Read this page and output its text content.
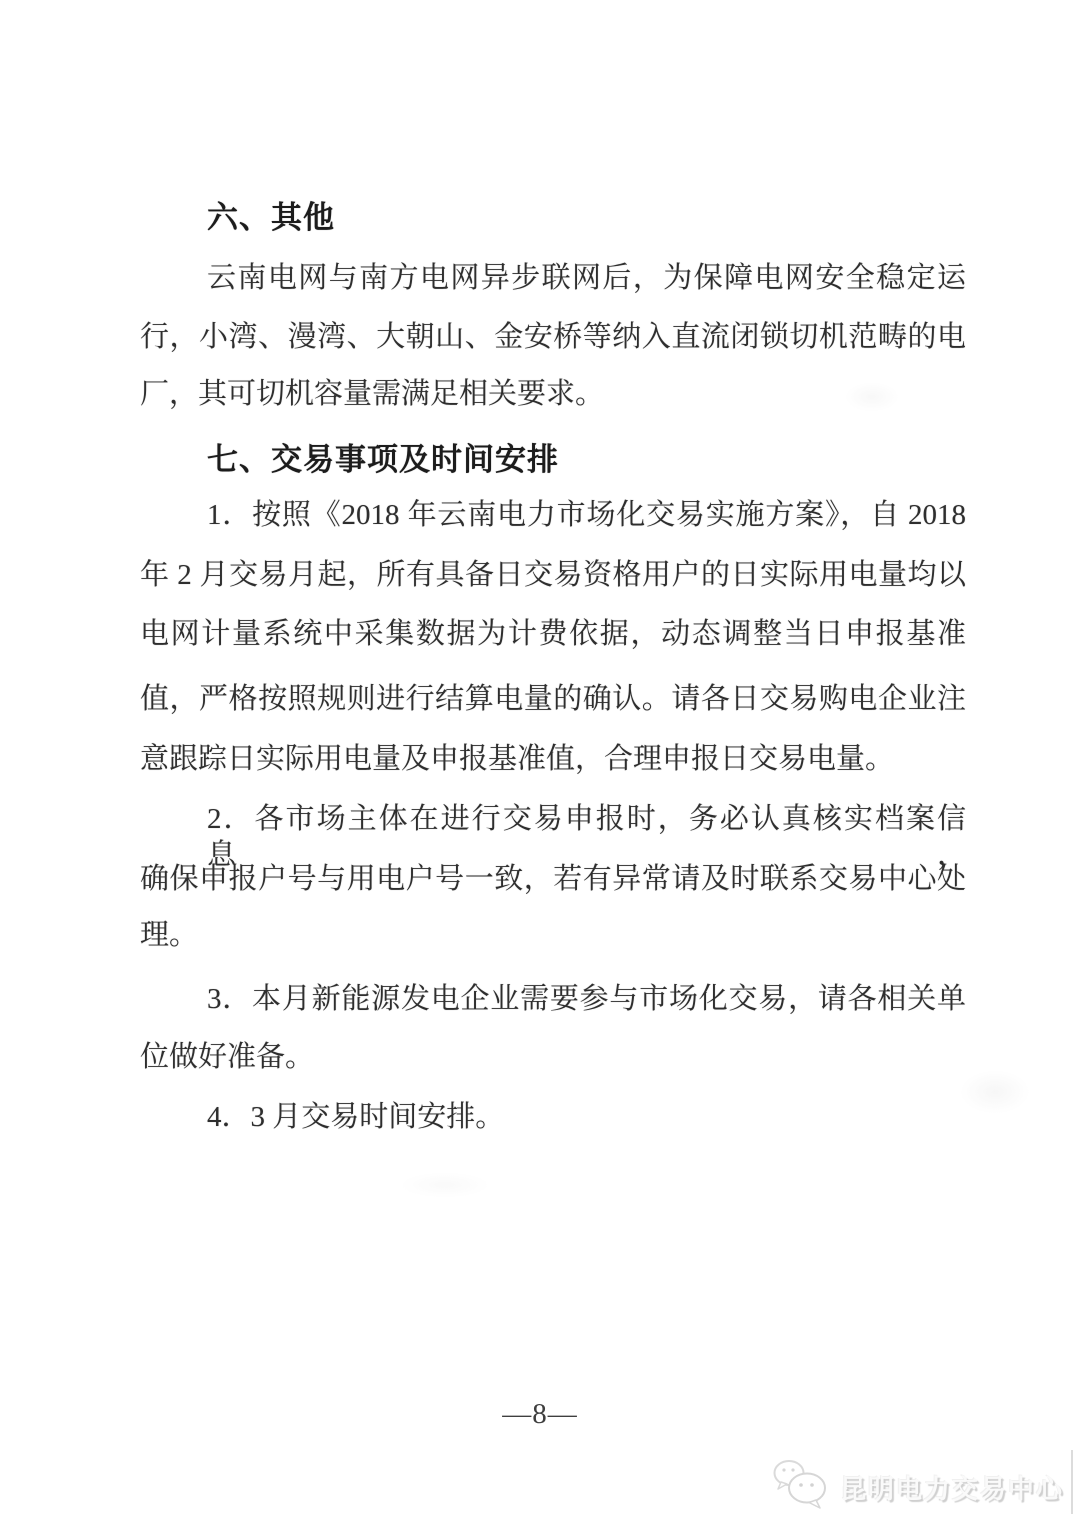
六、其他

云南电网与南方电网异步联网后，为保障电网安全稳定运

行，小湾、漫湾、大朝山、金安桥等纳入直流闭锁切机范畴的电

厂，其可切机容量需满足相关要求。

七、交易事项及时间安排

1．按照《2018 年云南电力市场化交易实施方案》，自 2018

年 2 月交易月起，所有具备日交易资格用户的日实际用电量均以

电网计量系统中采集数据为计费依据，动态调整当日申报基准

值，严格按照规则进行结算电量的确认。请各日交易购电企业注

意跟踪日实际用电量及申报基准值，合理申报日交易电量。

2．各市场主体在进行交易申报时，务必认真核实档案信息，

确保申报户号与用电户号一致，若有异常请及时联系交易中心处

理。

3．本月新能源发电企业需要参与市场化交易，请各相关单

位做好准备。

4．3 月交易时间安排。

—8—
昆明电力交易中心
